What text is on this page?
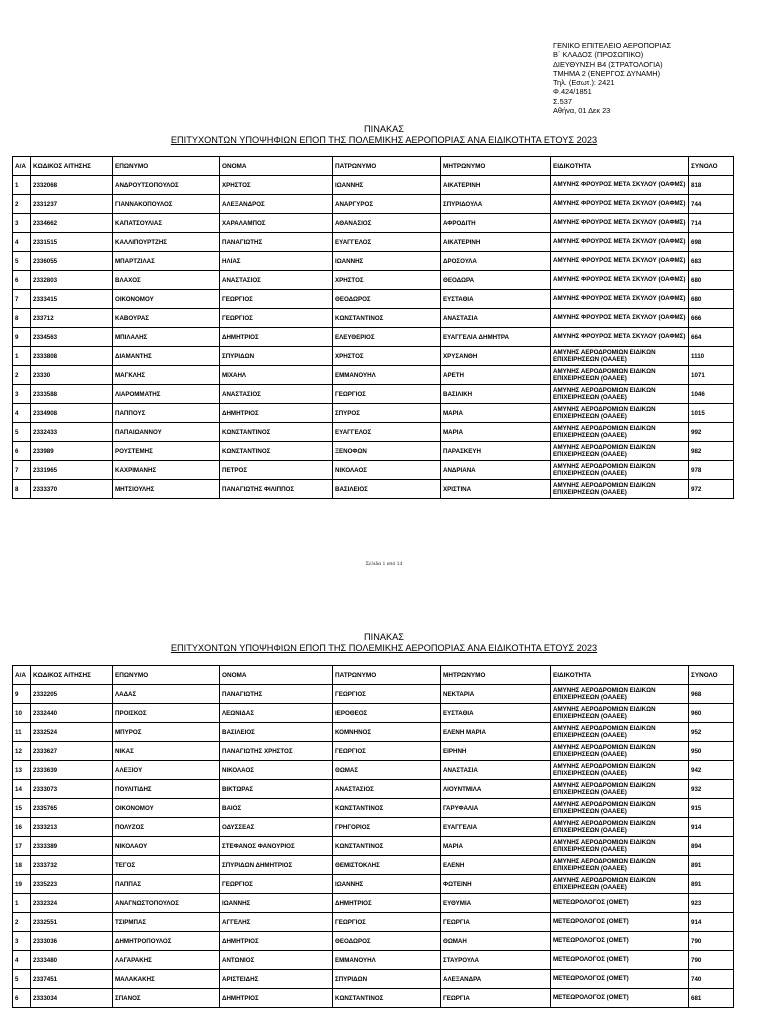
ΓΕΝΙΚΟ ΕΠΙΤΕΛΕΙΟ ΑΕΡΟΠΟΡΙΑΣ
Β΄ ΚΛΑΔΟΣ (ΠΡΟΣΩΠΙΚΟ)
ΔΙΕΥΘΥΝΣΗ Β4 (ΣΤΡΑΤΟΛΟΓΙΑ)
ΤΜΗΜΑ 2 (ΕΝΕΡΓΟΣ ΔΥΝΑΜΗ)
Τηλ. (Εσωτ.): 2421
Φ.424/1851
Σ.537
Αθήνα, 01 Δεκ 23
ΠΙΝΑΚΑΣ
ΕΠΙΤΥΧΟΝΤΩΝ ΥΠΟΨΗΦΙΩΝ ΕΠΟΠ ΤΗΣ ΠΟΛΕΜΙΚΗΣ ΑΕΡΟΠΟΡΙΑΣ ΑΝΑ ΕΙΔΙΚΟΤΗΤΑ ΕΤΟΥΣ 2023
Α/Α	ΚΩΔΙΚΟΣ ΑΙΤΗΣΗΣ	ΕΠΩΝΥΜΟ	ΟΝΟΜΑ	ΠΑΤΡΩΝΥΜΟ	ΜΗΤΡΩΝΥΜΟ	ΕΙΔΙΚΟΤΗΤΑ	ΣΥΝΟΛΟ
1	2332068	ΑΝΔΡΟΥΤΣΟΠΟΥΛΟΣ	ΧΡΗΣΤΟΣ	ΙΩΑΝΝΗΣ	ΑΙΚΑΤΕΡΙΝΗ	ΑΜΥΝΗΣ ΦΡΟΥΡΟΣ ΜΕΤΑ ΣΚΥΛΟΥ (ΟΑΦΜΣ)	818
2	2331237	ΓΙΑΝΝΑΚΟΠΟΥΛΟΣ	ΑΛΕΞΑΝΔΡΟΣ	ΑΝΑΡΓΥΡΟΣ	ΣΠΥΡΙΔΟΥΛΑ	ΑΜΥΝΗΣ ΦΡΟΥΡΟΣ ΜΕΤΑ ΣΚΥΛΟΥ (ΟΑΦΜΣ)	744
3	2334662	ΚΑΠΑΤΣΟΥΛΙΑΣ	ΧΑΡΑΛΑΜΠΟΣ	ΑΘΑΝΑΣΙΟΣ	ΑΦΡΟΔΙΤΗ	ΑΜΥΝΗΣ ΦΡΟΥΡΟΣ ΜΕΤΑ ΣΚΥΛΟΥ (ΟΑΦΜΣ)	714
4	2331515	ΚΑΛΛΙΠΟΥΡΤΖΗΣ	ΠΑΝΑΓΙΩΤΗΣ	ΕΥΑΓΓΕΛΟΣ	ΑΙΚΑΤΕΡΙΝΗ	ΑΜΥΝΗΣ ΦΡΟΥΡΟΣ ΜΕΤΑ ΣΚΥΛΟΥ (ΟΑΦΜΣ)	698
5	2336055	ΜΠΑΡΤΖΙΛΑΣ	ΗΛΙΑΣ	ΙΩΑΝΝΗΣ	ΔΡΟΣΟΥΛΑ	ΑΜΥΝΗΣ ΦΡΟΥΡΟΣ ΜΕΤΑ ΣΚΥΛΟΥ (ΟΑΦΜΣ)	683
6	2332803	ΒΛΑΧΟΣ	ΑΝΑΣΤΑΣΙΟΣ	ΧΡΗΣΤΟΣ	ΘΕΟΔΩΡΑ	ΑΜΥΝΗΣ ΦΡΟΥΡΟΣ ΜΕΤΑ ΣΚΥΛΟΥ (ΟΑΦΜΣ)	680
7	2333415	ΟΙΚΟΝΟΜΟΥ	ΓΕΩΡΓΙΟΣ	ΘΕΟΔΩΡΟΣ	ΕΥΣΤΑΘΙΑ	ΑΜΥΝΗΣ ΦΡΟΥΡΟΣ ΜΕΤΑ ΣΚΥΛΟΥ (ΟΑΦΜΣ)	680
8	233712	ΚΑΒΟΥΡΑΣ	ΓΕΩΡΓΙΟΣ	ΚΩΝΣΤΑΝΤΙΝΟΣ	ΑΝΑΣΤΑΣΙΑ	ΑΜΥΝΗΣ ΦΡΟΥΡΟΣ ΜΕΤΑ ΣΚΥΛΟΥ (ΟΑΦΜΣ)	666
9	2334563	ΜΠΙΛΑΛΗΣ	ΔΗΜΗΤΡΙΟΣ	ΕΛΕΥΘΕΡΙΟΣ	ΕΥΑΓΓΕΛΙΑ ΔΗΜΗΤΡΑ	ΑΜΥΝΗΣ ΦΡΟΥΡΟΣ ΜΕΤΑ ΣΚΥΛΟΥ (ΟΑΦΜΣ)	664
1	2333808	ΔΙΑΜΑΝΤΗΣ	ΣΠΥΡΙΔΩΝ	ΧΡΗΣΤΟΣ	ΧΡΥΣΑΝΘΗ	ΑΜΥΝΗΣ ΑΕΡΟΔΡΟΜΙΩΝ ΕΙΔΙΚΩΝ ΕΠΙΧΕΙΡΗΣΕΩΝ (ΟΑΑΕΕ)	1110
2	23330	ΜΑΓΚΛΗΣ	ΜΙΧΑΗΛ	ΕΜΜΑΝΟΥΗΛ	ΑΡΕΤΗ	ΑΜΥΝΗΣ ΑΕΡΟΔΡΟΜΙΩΝ ΕΙΔΙΚΩΝ ΕΠΙΧΕΙΡΗΣΕΩΝ (ΟΑΑΕΕ)	1071
3	2333588	ΛΙΑΡΟΜΜΑΤΗΣ	ΑΝΑΣΤΑΣΙΟΣ	ΓΕΩΡΓΙΟΣ	ΒΑΣΙΛΙΚΗ	ΑΜΥΝΗΣ ΑΕΡΟΔΡΟΜΙΩΝ ΕΙΔΙΚΩΝ ΕΠΙΧΕΙΡΗΣΕΩΝ (ΟΑΑΕΕ)	1046
4	2334908	ΠΑΠΠΟΥΣ	ΔΗΜΗΤΡΙΟΣ	ΣΠΥΡΟΣ	ΜΑΡΙΑ	ΑΜΥΝΗΣ ΑΕΡΟΔΡΟΜΙΩΝ ΕΙΔΙΚΩΝ ΕΠΙΧΕΙΡΗΣΕΩΝ (ΟΑΑΕΕ)	1015
5	2332433	ΠΑΠΑΙΩΑΝΝΟΥ	ΚΩΝΣΤΑΝΤΙΝΟΣ	ΕΥΑΓΓΕΛΟΣ	ΜΑΡΙΑ	ΑΜΥΝΗΣ ΑΕΡΟΔΡΟΜΙΩΝ ΕΙΔΙΚΩΝ ΕΠΙΧΕΙΡΗΣΕΩΝ (ΟΑΑΕΕ)	992
6	233989	ΡΟΥΣΤΕΜΗΣ	ΚΩΝΣΤΑΝΤΙΝΟΣ	ΞΕΝΟΦΩΝ	ΠΑΡΑΣΚΕΥΗ	ΑΜΥΝΗΣ ΑΕΡΟΔΡΟΜΙΩΝ ΕΙΔΙΚΩΝ ΕΠΙΧΕΙΡΗΣΕΩΝ (ΟΑΑΕΕ)	982
7	2331965	ΚΑΧΡΙΜΑΝΗΣ	ΠΕΤΡΟΣ	ΝΙΚΟΛΑΟΣ	ΑΝΔΡΙΑΝΑ	ΑΜΥΝΗΣ ΑΕΡΟΔΡΟΜΙΩΝ ΕΙΔΙΚΩΝ ΕΠΙΧΕΙΡΗΣΕΩΝ (ΟΑΑΕΕ)	978
8	2333370	ΜΗΤΣΙΟΥΛΗΣ	ΠΑΝΑΓΙΩΤΗΣ ΦΙΛΙΠΠΟΣ	ΒΑΣΙΛΕΙΟΣ	ΧΡΙΣΤΙΝΑ	ΑΜΥΝΗΣ ΑΕΡΟΔΡΟΜΙΩΝ ΕΙΔΙΚΩΝ ΕΠΙΧΕΙΡΗΣΕΩΝ (ΟΑΑΕΕ)	972
Σελίδα 1 από 14
ΠΙΝΑΚΑΣ
ΕΠΙΤΥΧΟΝΤΩΝ ΥΠΟΨΗΦΙΩΝ ΕΠΟΠ ΤΗΣ ΠΟΛΕΜΙΚΗΣ ΑΕΡΟΠΟΡΙΑΣ ΑΝΑ ΕΙΔΙΚΟΤΗΤΑ ΕΤΟΥΣ 2023
Α/Α	ΚΩΔΙΚΟΣ ΑΙΤΗΣΗΣ	ΕΠΩΝΥΜΟ	ΟΝΟΜΑ	ΠΑΤΡΩΝΥΜΟ	ΜΗΤΡΩΝΥΜΟ	ΕΙΔΙΚΟΤΗΤΑ	ΣΥΝΟΛΟ
9	2332205	ΛΑΔΑΣ	ΠΑΝΑΓΙΩΤΗΣ	ΓΕΩΡΓΙΟΣ	ΝΕΚΤΑΡΙΑ	ΑΜΥΝΗΣ ΑΕΡΟΔΡΟΜΙΩΝ ΕΙΔΙΚΩΝ ΕΠΙΧΕΙΡΗΣΕΩΝ (ΟΑΑΕΕ)	968
10	2332440	ΠΡΟΙΣΚΟΣ	ΛΕΩΝΙΔΑΣ	ΙΕΡΟΘΕΟΣ	ΕΥΣΤΑΘΙΑ	ΑΜΥΝΗΣ ΑΕΡΟΔΡΟΜΙΩΝ ΕΙΔΙΚΩΝ ΕΠΙΧΕΙΡΗΣΕΩΝ (ΟΑΑΕΕ)	960
11	2332524	ΜΠΥΡΟΣ	ΒΑΣΙΛΕΙΟΣ	ΚΟΜΝΗΝΟΣ	ΕΛΕΝΗ ΜΑΡΙΑ	ΑΜΥΝΗΣ ΑΕΡΟΔΡΟΜΙΩΝ ΕΙΔΙΚΩΝ ΕΠΙΧΕΙΡΗΣΕΩΝ (ΟΑΑΕΕ)	952
12	2333627	ΝΙΚΑΣ	ΠΑΝΑΓΙΩΤΗΣ ΧΡΗΣΤΟΣ	ΓΕΩΡΓΙΟΣ	ΕΙΡΗΝΗ	ΑΜΥΝΗΣ ΑΕΡΟΔΡΟΜΙΩΝ ΕΙΔΙΚΩΝ ΕΠΙΧΕΙΡΗΣΕΩΝ (ΟΑΑΕΕ)	950
13	2333639	ΑΛΕΞΙΟΥ	ΝΙΚΟΛΑΟΣ	ΘΩΜΑΣ	ΑΝΑΣΤΑΣΙΑ	ΑΜΥΝΗΣ ΑΕΡΟΔΡΟΜΙΩΝ ΕΙΔΙΚΩΝ ΕΠΙΧΕΙΡΗΣΕΩΝ (ΟΑΑΕΕ)	942
14	2333073	ΠΟΥΛΙΤΙΔΗΣ	ΒΙΚΤΩΡΑΣ	ΑΝΑΣΤΑΣΙΟΣ	ΛΙΟΥΝΤΜΙΛΑ	ΑΜΥΝΗΣ ΑΕΡΟΔΡΟΜΙΩΝ ΕΙΔΙΚΩΝ ΕΠΙΧΕΙΡΗΣΕΩΝ (ΟΑΑΕΕ)	932
15	2335765	ΟΙΚΟΝΟΜΟΥ	ΒΑΙΟΣ	ΚΩΝΣΤΑΝΤΙΝΟΣ	ΓΑΡΥΦΑΛΙΑ	ΑΜΥΝΗΣ ΑΕΡΟΔΡΟΜΙΩΝ ΕΙΔΙΚΩΝ ΕΠΙΧΕΙΡΗΣΕΩΝ (ΟΑΑΕΕ)	915
16	2333213	ΠΟΛΥΖΟΣ	ΟΔΥΣΣΕΑΣ	ΓΡΗΓΟΡΙΟΣ	ΕΥΑΓΓΕΛΙΑ	ΑΜΥΝΗΣ ΑΕΡΟΔΡΟΜΙΩΝ ΕΙΔΙΚΩΝ ΕΠΙΧΕΙΡΗΣΕΩΝ (ΟΑΑΕΕ)	914
17	2333389	ΝΙΚΟΛΑΟΥ	ΣΤΕΦΑΝΟΣ ΦΑΝΟΥΡΙΟΣ	ΚΩΝΣΤΑΝΤΙΝΟΣ	ΜΑΡΙΑ	ΑΜΥΝΗΣ ΑΕΡΟΔΡΟΜΙΩΝ ΕΙΔΙΚΩΝ ΕΠΙΧΕΙΡΗΣΕΩΝ (ΟΑΑΕΕ)	894
18	2333732	ΤΕΓΟΣ	ΣΠΥΡΙΔΩΝ ΔΗΜΗΤΡΙΟΣ	ΘΕΜΙΣΤΟΚΛΗΣ	ΕΛΕΝΗ	ΑΜΥΝΗΣ ΑΕΡΟΔΡΟΜΙΩΝ ΕΙΔΙΚΩΝ ΕΠΙΧΕΙΡΗΣΕΩΝ (ΟΑΑΕΕ)	891
19	2335223	ΠΑΠΠΑΣ	ΓΕΩΡΓΙΟΣ	ΙΩΑΝΝΗΣ	ΦΩΤΕΙΝΗ	ΑΜΥΝΗΣ ΑΕΡΟΔΡΟΜΙΩΝ ΕΙΔΙΚΩΝ ΕΠΙΧΕΙΡΗΣΕΩΝ (ΟΑΑΕΕ)	891
1	2332324	ΑΝΑΓΝΩΣΤΟΠΟΥΛΟΣ	ΙΩΑΝΝΗΣ	ΔΗΜΗΤΡΙΟΣ	ΕΥΘΥΜΙΑ	ΜΕΤΕΩΡΟΛΟΓΟΣ (ΟΜΕΤ)	923
2	2332551	ΤΣΙΡΜΠΑΣ	ΑΓΓΕΛΗΣ	ΓΕΩΡΓΙΟΣ	ΓΕΩΡΓΙΑ	ΜΕΤΕΩΡΟΛΟΓΟΣ (ΟΜΕΤ)	914
3	2333036	ΔΗΜΗΤΡΟΠΟΥΛΟΣ	ΔΗΜΗΤΡΙΟΣ	ΘΕΟΔΩΡΟΣ	ΘΩΜΑΗ	ΜΕΤΕΩΡΟΛΟΓΟΣ (ΟΜΕΤ)	790
4	2333480	ΛΑΓΑΡΑΚΗΣ	ΑΝΤΩΝΙΟΣ	ΕΜΜΑΝΟΥΗΛ	ΣΤΑΥΡΟΥΛΑ	ΜΕΤΕΩΡΟΛΟΓΟΣ (ΟΜΕΤ)	790
5	2337451	ΜΑΛΑΚΑΚΗΣ	ΑΡΙΣΤΕΙΔΗΣ	ΣΠΥΡΙΔΩΝ	ΑΛΕΞΑΝΔΡΑ	ΜΕΤΕΩΡΟΛΟΓΟΣ (ΟΜΕΤ)	740
6	2333034	ΣΠΑΝΟΣ	ΔΗΜΗΤΡΙΟΣ	ΚΩΝΣΤΑΝΤΙΝΟΣ	ΓΕΩΡΓΙΑ	ΜΕΤΕΩΡΟΛΟΓΟΣ (ΟΜΕΤ)	681
